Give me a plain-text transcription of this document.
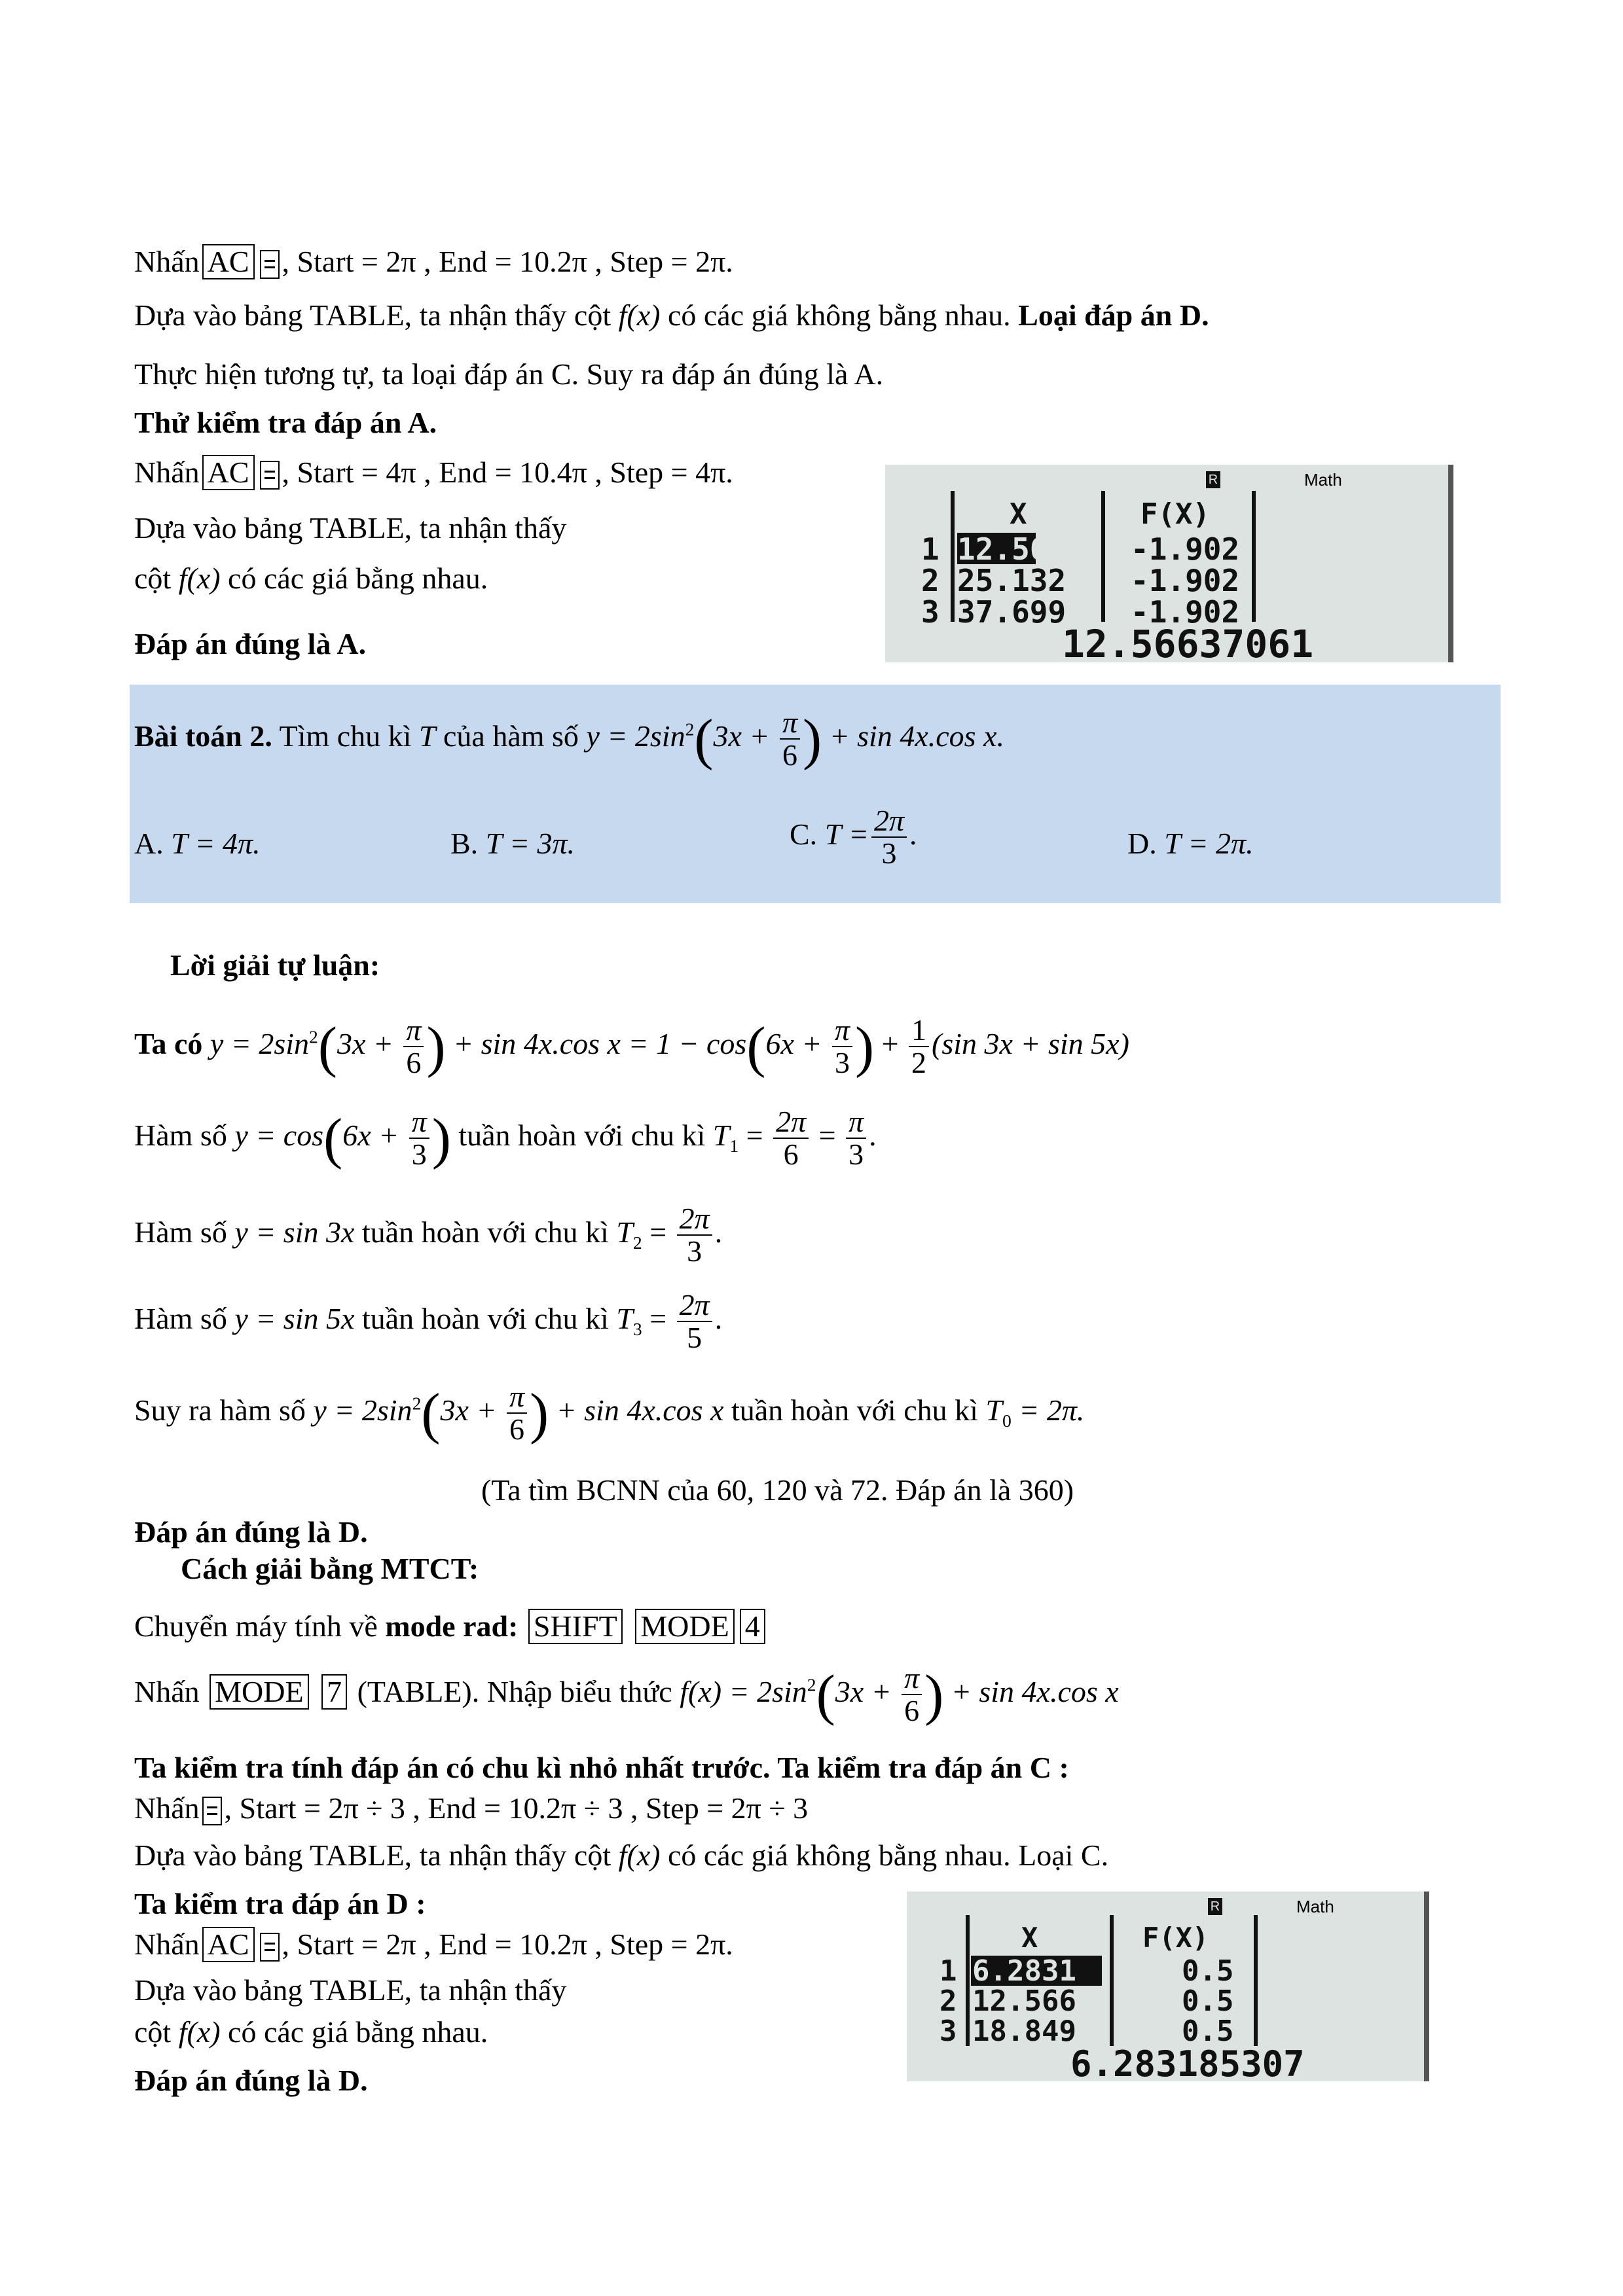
Nhấn AC , Start = 2π , End = 10.2π , Step = 2π.
Dựa vào bảng TABLE, ta nhận thấy cột f(x) có các giá không bằng nhau. Loại đáp án D.
Thực hiện tương tự, ta loại đáp án C. Suy ra đáp án đúng là A.
Thử kiểm tra đáp án A.
Nhấn AC , Start = 4π , End = 10.4π , Step = 4π.
Dựa vào bảng TABLE, ta nhận thấy
cột f(x) có các giá bằng nhau.
Đáp án đúng là A.
R	Math
X	F(X)
1 12.566 -1.902
2 25.132 -1.902
3 37.699 -1.902
12.56637061
Bài toán 2. Tìm chu kì T của hàm số $y = 2\sin^2(3x + \frac{\pi}{6}$ ) + sin 4x.cos x.
A. T = 4π.	B. T = 3π.	C. $T = \frac{2\pi}{3}$ .	D. T = 2π.
Lời giải tự luận:
Ta có $y = 2\sin^2(3x + \frac{\pi}{6}$ ) + sin 4x.cos $x = 1 - \cos(6x + \frac{\pi}{3}$ ) + $\frac{1}{2} (\sin$ 3x + sin 5x)
Hàm số $y = \cos(6x + \frac{\pi}{3}$ ) tuần hoàn với chu kì $T_1 = \frac{2\pi}{6} = \frac{\pi}{3}$ .
Hàm số y = sin 3x tuần hoàn với chu kì $T_2 = \frac{2\pi}{3}$ .
Hàm số y = sin 5x tuần hoàn với chu kì $T_3 = \frac{2\pi}{5}$ .
Suy ra hàm số $y = 2\sin^2(3x + \frac{\pi}{6}$ ) + sin 4x.cos x tuần hoàn với chu kì $T_0 = 2\pi$.
(Ta tìm BCNN của 60, 120 và 72. Đáp án là 360)
Đáp án đúng là D.
Cách giải bằng MTCT:
Chuyển máy tính về mode rad: SHIFT MODE 4
Nhấn MODE 7 (TABLE). Nhập biểu thức $f(x) = 2\sin^2(3x + \frac{\pi}{6}$ ) + sin 4x.cos x
Ta kiểm tra tính đáp án có chu kì nhỏ nhất trước. Ta kiểm tra đáp án C :
Nhấn , Start = 2π ÷ 3 , End = 10.2π ÷ 3 , Step = 2π ÷ 3
Dựa vào bảng TABLE, ta nhận thấy cột f(x) có các giá không bằng nhau. Loại C.
Ta kiểm tra đáp án D :
Nhấn AC , Start = 2π , End = 10.2π , Step = 2π.
Dựa vào bảng TABLE, ta nhận thấy
cột f(x) có các giá bằng nhau.
Đáp án đúng là D.
R	Math
X	F(X)
1 6.2831	0.5
2 12.566	0.5
3 18.849	0.5
6.283185307
